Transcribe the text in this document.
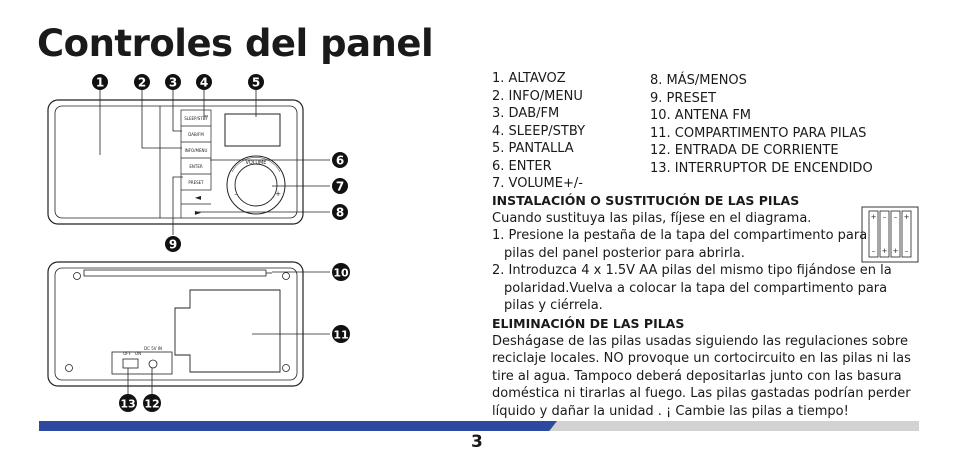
Controles del panel
SLEEP/STBY
DAB/FM
INFO/MENU
ENTER
PRESET
VOLUME
–	+
◄
►
OFF ON
DC 5V IN
+
–
–
+
–
+
+
–
1	2 3 4	5
6
7
8
9
10
11
13 12
1. ALTAVOZ
2. INFO/MENU
3. DAB/FM
4. SLEEP/STBY
5. PANTALLA
6. ENTER
7. VOLUME+/-
8. MÁS/MENOS
9. PRESET
10. ANTENA FM
11. COMPARTIMENTO PARA PILAS
12. ENTRADA DE CORRIENTE
13. INTERRUPTOR DE ENCENDIDO
INSTALACIÓN O SUSTITUCIÓN DE LAS PILAS
Cuando sustituya las pilas, fíjese en el diagrama.
1. Presione la pestaña de la tapa del compartimento para
pilas del panel posterior para abrirla.
2. Introduzca 4 x 1.5V AA pilas del mismo tipo fijándose en la
polaridad.Vuelva a colocar la tapa del compartimento para
pilas y ciérrela.
ELIMINACIÓN DE LAS PILAS
Deshágase de las pilas usadas siguiendo las regulaciones sobre
reciclaje locales. NO provoque un cortocircuito en las pilas ni las
tire al agua. Tampoco deberá depositarlas junto con las basura
doméstica ni tirarlas al fuego. Las pilas gastadas podrían perder
líquido y dañar la unidad . ¡ Cambie las pilas a tiempo!
3
